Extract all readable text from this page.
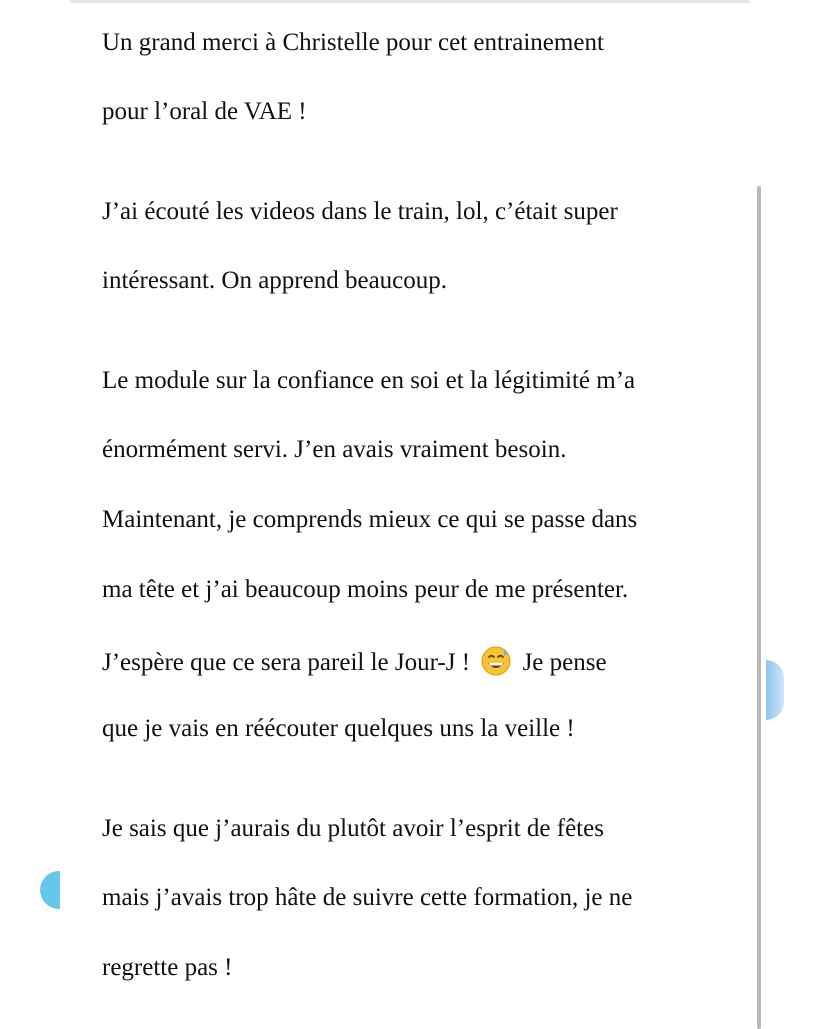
Un grand merci à Christelle pour cet entrainement
pour l’oral de VAE !
J’ai écouté les videos dans le train, lol, c’était super
intéressant. On apprend beaucoup.
Le module sur la confiance en soi et la légitimité m’a
énormément servi. J’en avais vraiment besoin.
Maintenant, je comprends mieux ce qui se passe dans
ma tête et j’ai beaucoup moins peur de me présenter.
J’espère que ce sera pareil le Jour-J ! Je pense
que je vais en réécouter quelques uns la veille !
Je sais que j’aurais du plutôt avoir l’esprit de fêtes
mais j’avais trop hâte de suivre cette formation, je ne
regrette pas !
